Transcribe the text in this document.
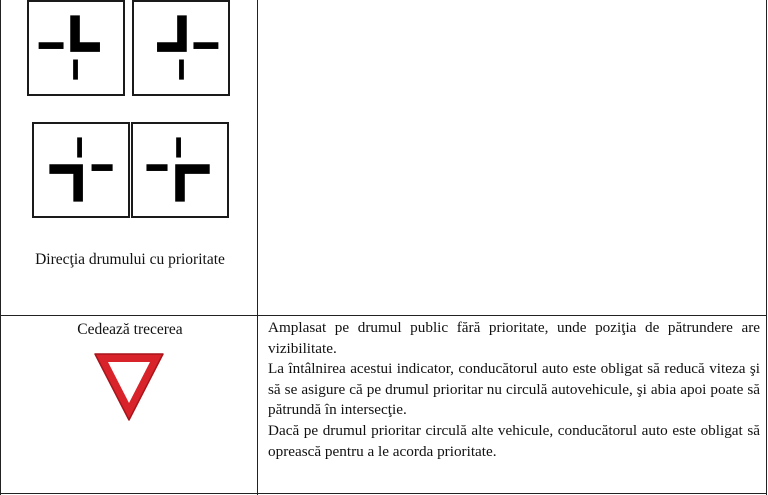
Direcţia drumului cu prioritate
Cedează trecerea	Amplasat pe drumul public fără prioritate, unde poziţia de pătrundere are vizibilitate.

La întâlnirea acestui indicator, conducătorul auto este obligat să reducă viteza şi să se asigure că pe drumul prioritar nu circulă autovehicule, şi abia apoi poate să pătrundă în intersecţie.

Dacă pe drumul prioritar circulă alte vehicule, conducătorul auto este obligat să oprească pentru a le acorda prioritate.
